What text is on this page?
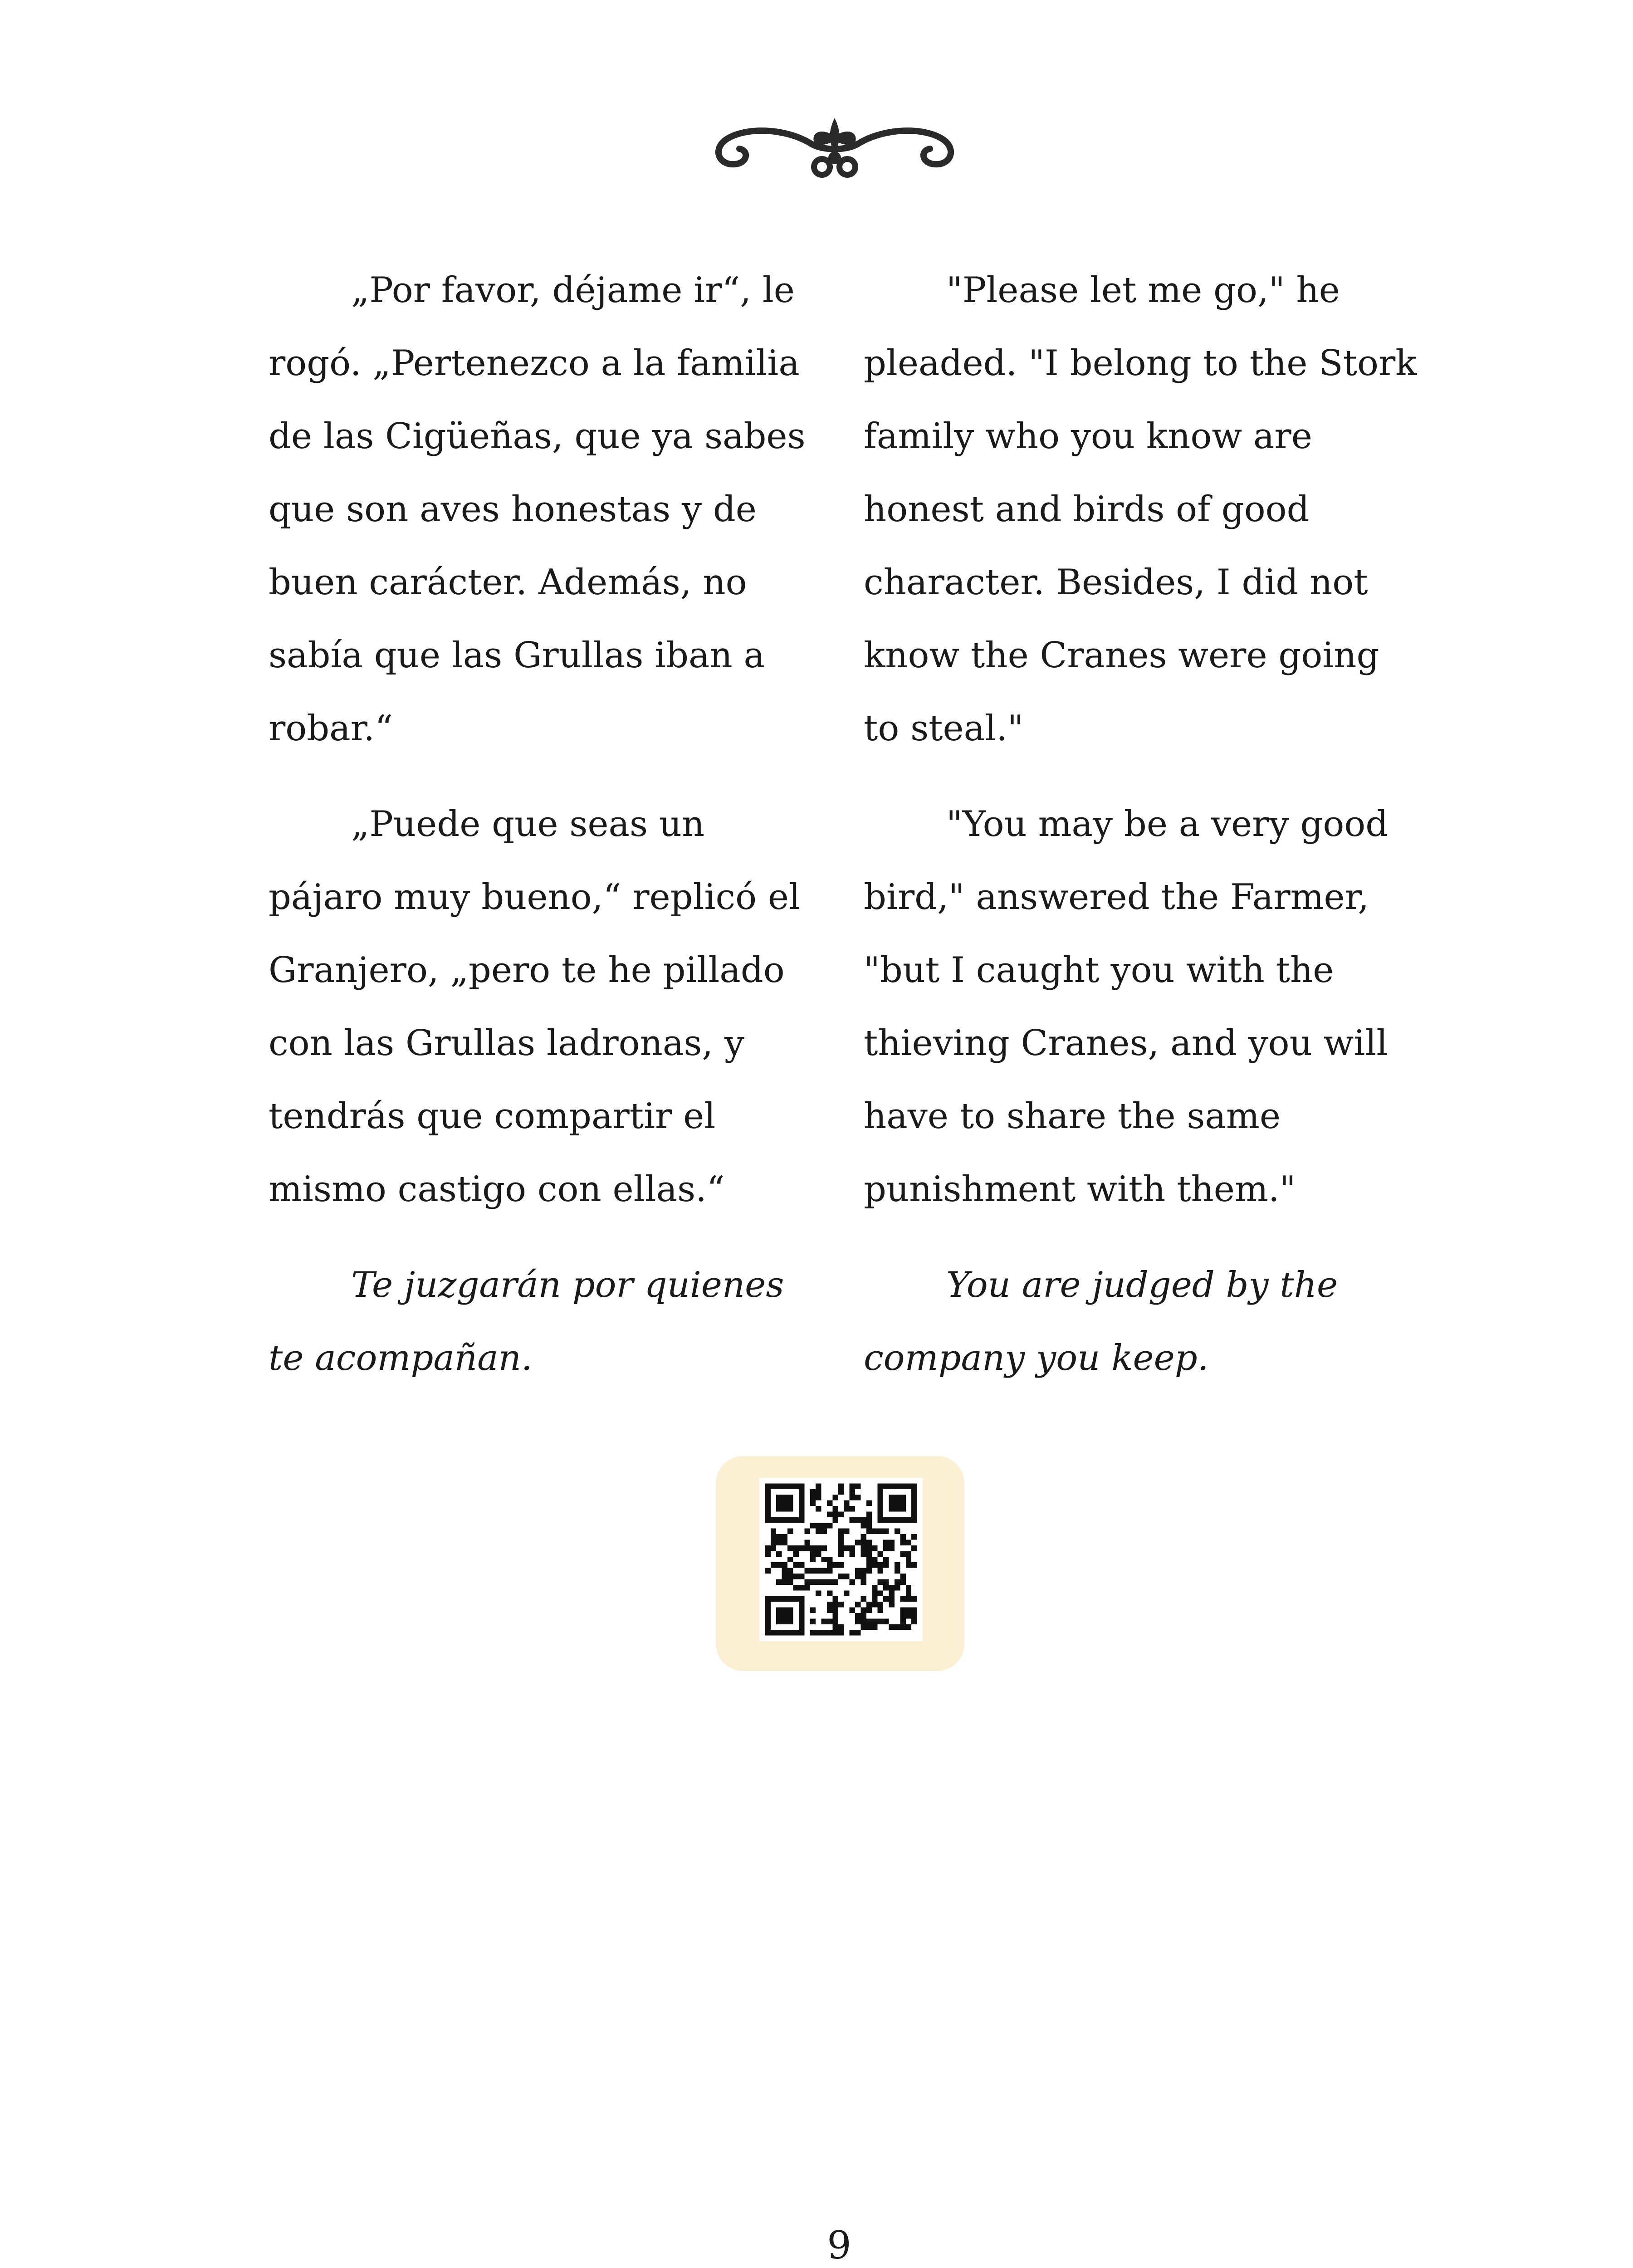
„Por favor, déjame ir“, le rogó. „Pertenezco a la familia de las Cigüeñas, que ya sabes que son aves honestas y de buen carácter. Además, no sabía que las Grullas iban a robar.“

„Puede que seas un pájaro muy bueno,“ replicó el Granjero, „pero te he pillado con las Grullas ladronas, y tendrás que compartir el mismo castigo con ellas.“

Te juzgarán por quienes te acompañan.

"Please let me go," he pleaded. "I belong to the Stork family who you know are honest and birds of good character. Besides, I did not know the Cranes were going to steal."

"You may be a very good bird," answered the Farmer, "but I caught you with the thieving Cranes, and you will have to share the same punishment with them."

You are judged by the company you keep.

9
